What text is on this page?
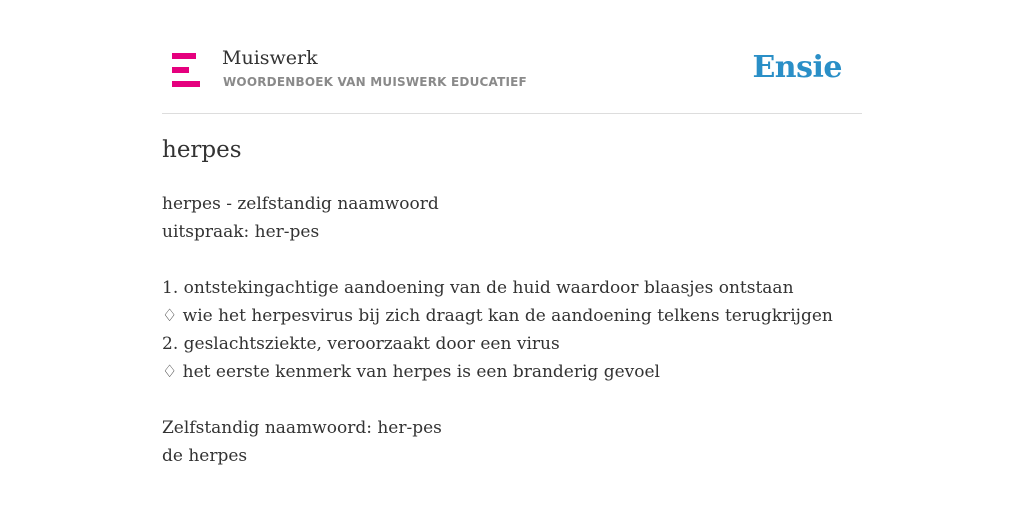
Muiswerk
WOORDENBOEK VAN MUISWERK EDUCATIEF	Ensie
herpes
herpes - zelfstandig naamwoord
uitspraak: her-pes
1. ontstekingachtige aandoening van de huid waardoor blaasjes ontstaan
♢ wie het herpesvirus bij zich draagt kan de aandoening telkens terugkrijgen
2. geslachtsziekte, veroorzaakt door een virus
♢ het eerste kenmerk van herpes is een branderig gevoel
Zelfstandig naamwoord: her-pes
de herpes
